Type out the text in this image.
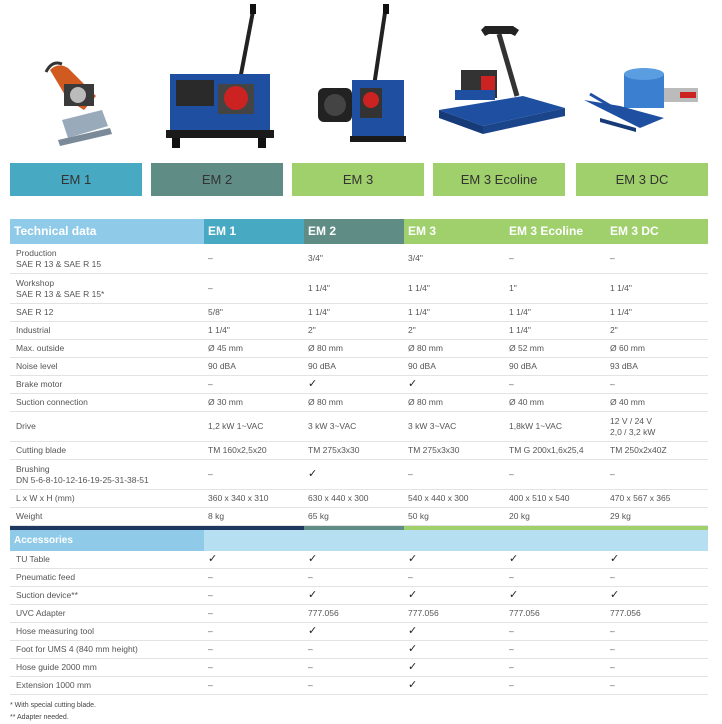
EM 1	EM 2	EM 3	EM 3 Ecoline	EM 3 DC
Technical data	EM 1	EM 2	EM 3	EM 3 Ecoline	EM 3 DC

Production
SAE R 13 & SAE R 15	–	3/4"	3/4"	–	–

Workshop
SAE R 13 & SAE R 15*	–	1 1/4"	1 1/4"	1"	1 1/4"

SAE R 12	5/8"	1 1/4"	1 1/4"	1 1/4"	1 1/4"

Industrial	1 1/4"	2"	2"	1 1/4"	2"

Max. outside	Ø 45 mm	Ø 80 mm	Ø 80 mm	Ø 52 mm	Ø 60 mm

Noise level	90 dBA	90 dBA	90 dBA	90 dBA	93 dBA

Brake motor	–	✓	✓	–	–

Suction connection	Ø 30 mm	Ø 80 mm	Ø 80 mm	Ø 40 mm	Ø 40 mm

Drive	1,2 kW 1~VAC	3 kW 3~VAC	3 kW 3~VAC	1,8kW 1~VAC	12 V / 24 V
2,0 / 3,2 kW

Cutting blade	TM 160x2,5x20	TM 275x3x30	TM 275x3x30	TM G 200x1,6x25,4	TM 250x2x40Z

Brushing
DN 5-6-8-10-12-16-19-25-31-38-51	–	✓	–	–	–

L x W x H (mm)	360 x 340 x 310	630 x 440 x 300	540 x 440 x 300	400 x 510 x 540	470 x 567 x 365

Weight	8 kg	65 kg	50 kg	20 kg	29 kg

Accessories					
TU Table	✓	✓	✓	✓	✓
Pneumatic feed	–	–	–	–	–
Suction device**	–	✓	✓	✓	✓
UVC Adapter	–	777.056	777.056	777.056	777.056
Hose measuring tool	–	✓	✓	–	–
Foot for UMS 4 (840 mm height)	–	–	✓	–	–
Hose guide 2000 mm	–	–	✓	–	–
Extension 1000 mm	–	–	✓	–	–
* With special cutting blade.
** Adapter needed.
